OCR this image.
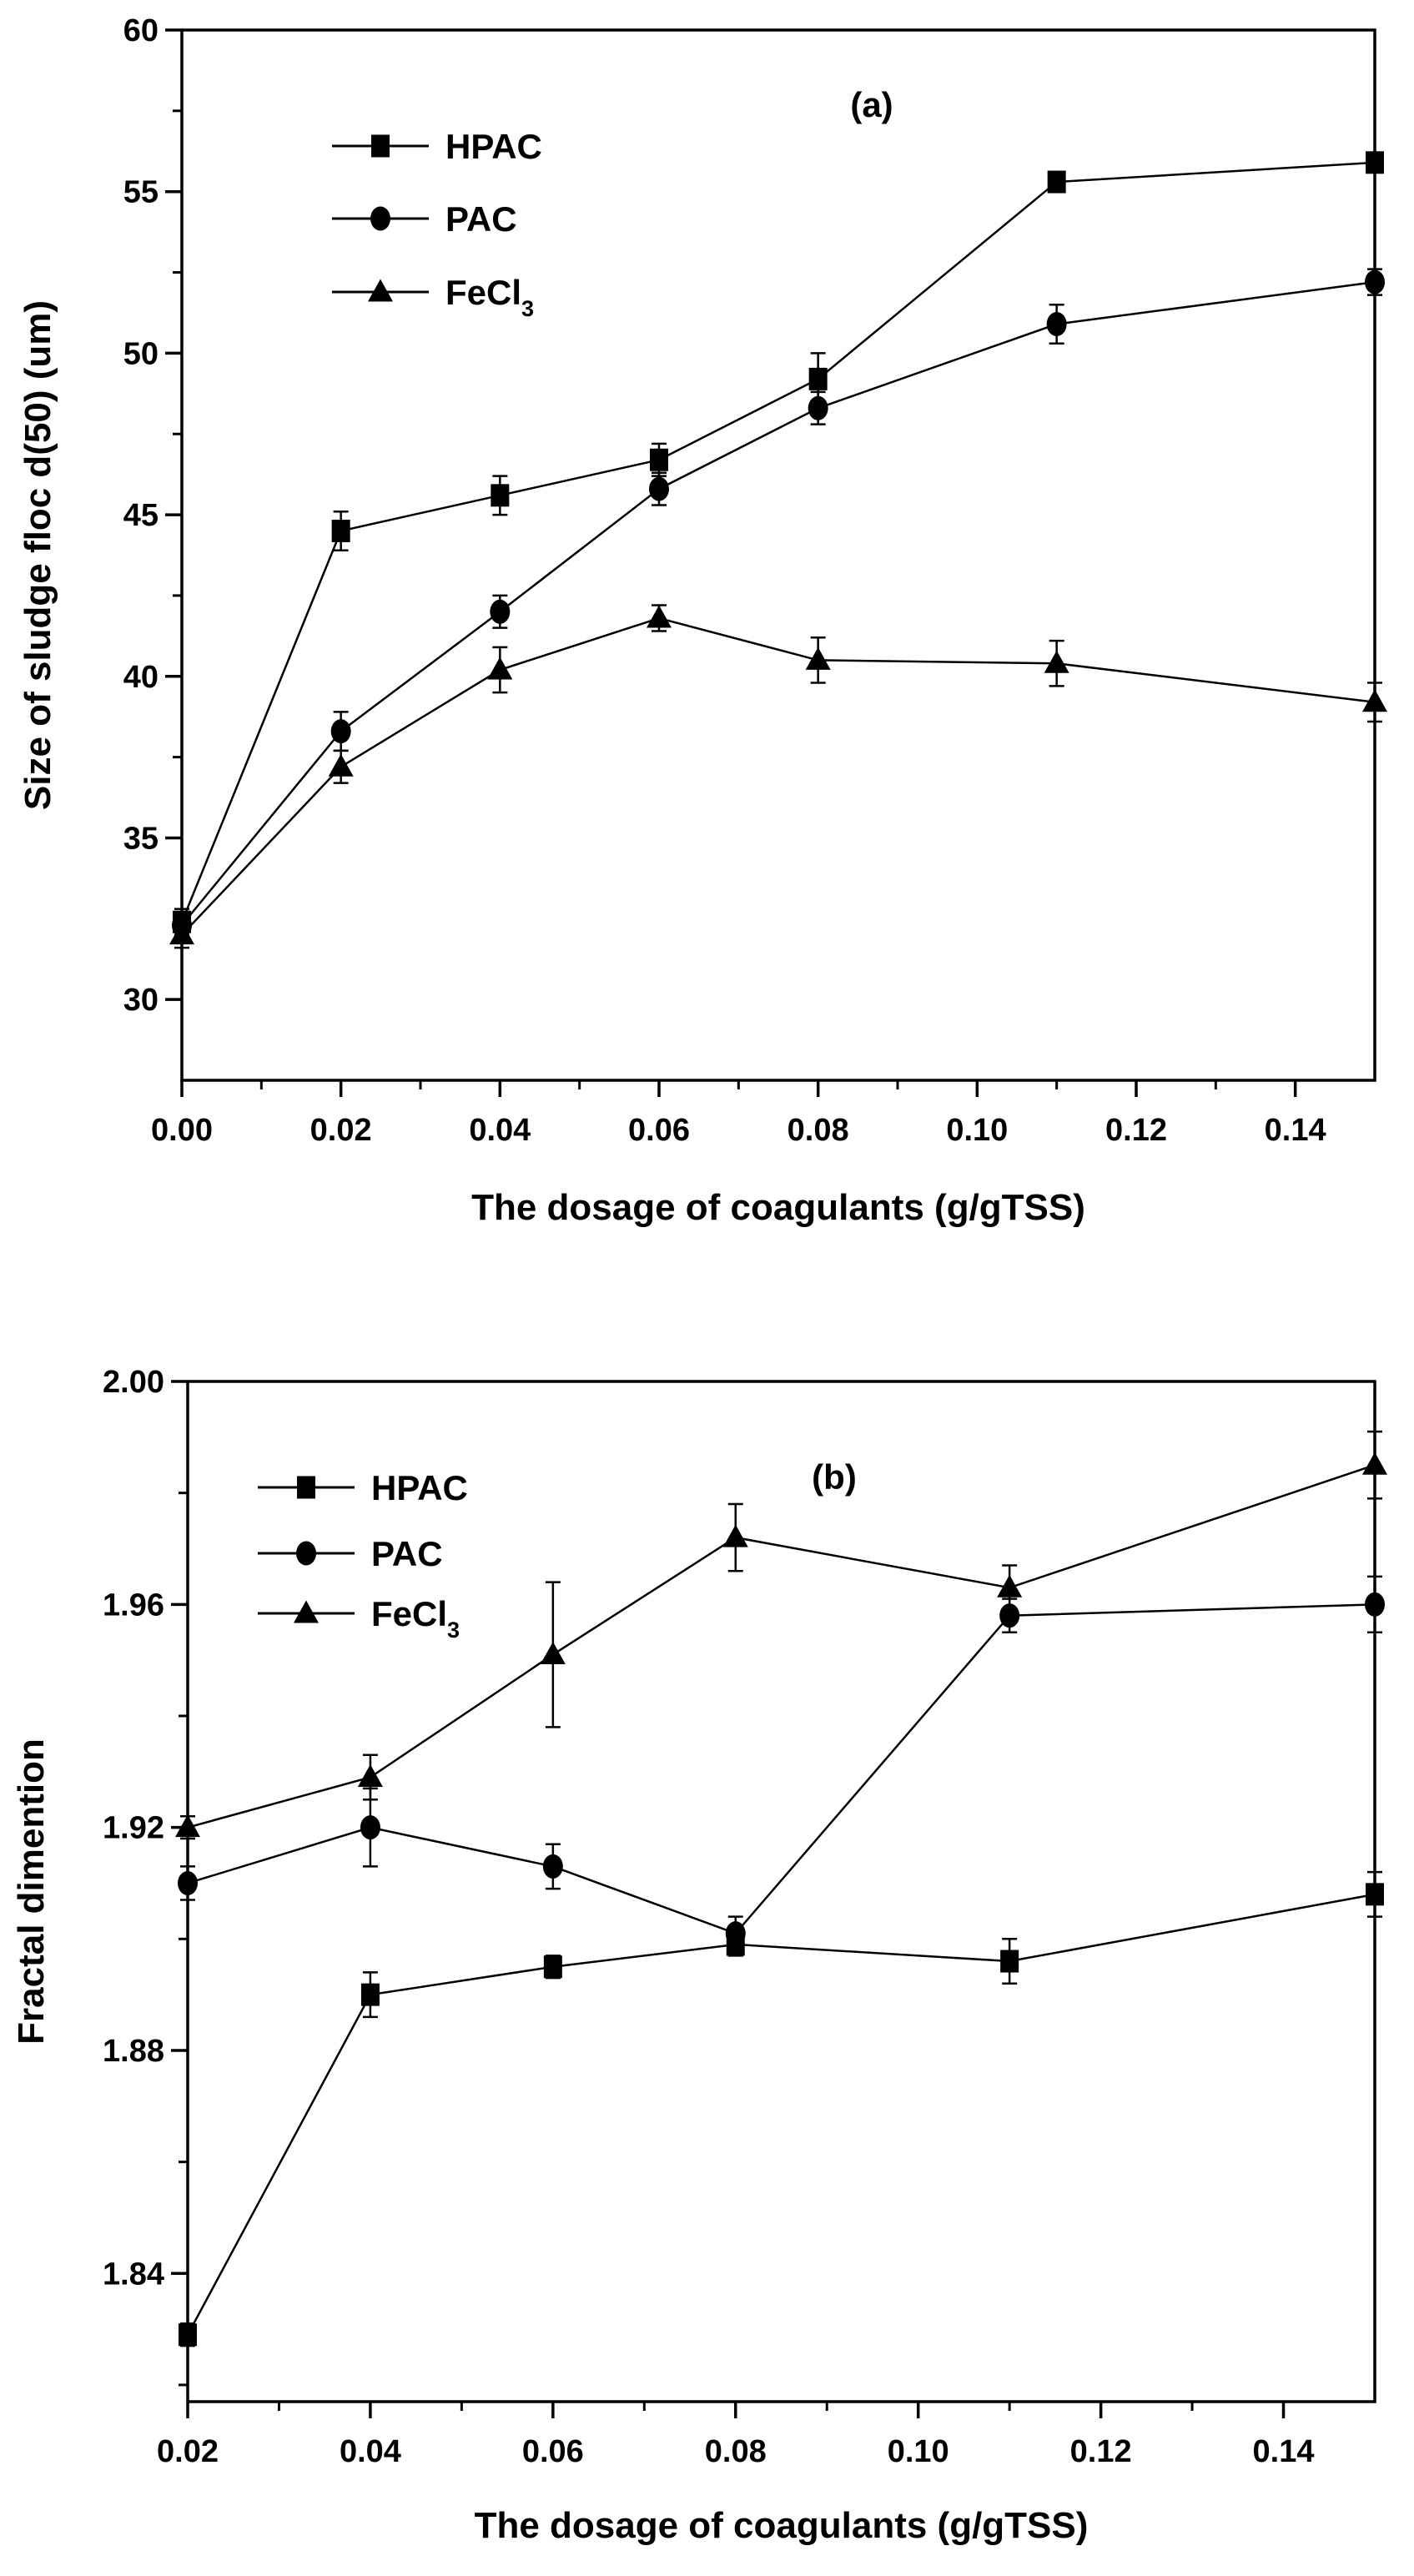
30
35
40
45
50
55
60
0.00	0.02	0.04	0.06	0.08	0.10	0.12	0.14
HPAC
PAC
FeCl$_3$
(a)
The dosage of coagulants (g/gTSS)
Size of sludge floc d(50) (um)
1.84
1.88
1.92
1.96
2.00
0.02	0.04	0.06	0.08	0.10	0.12	0.14
HPAC
PAC
FeCl$_3$
(b)
The dosage of coagulants (g/gTSS)
Fractal dimention
